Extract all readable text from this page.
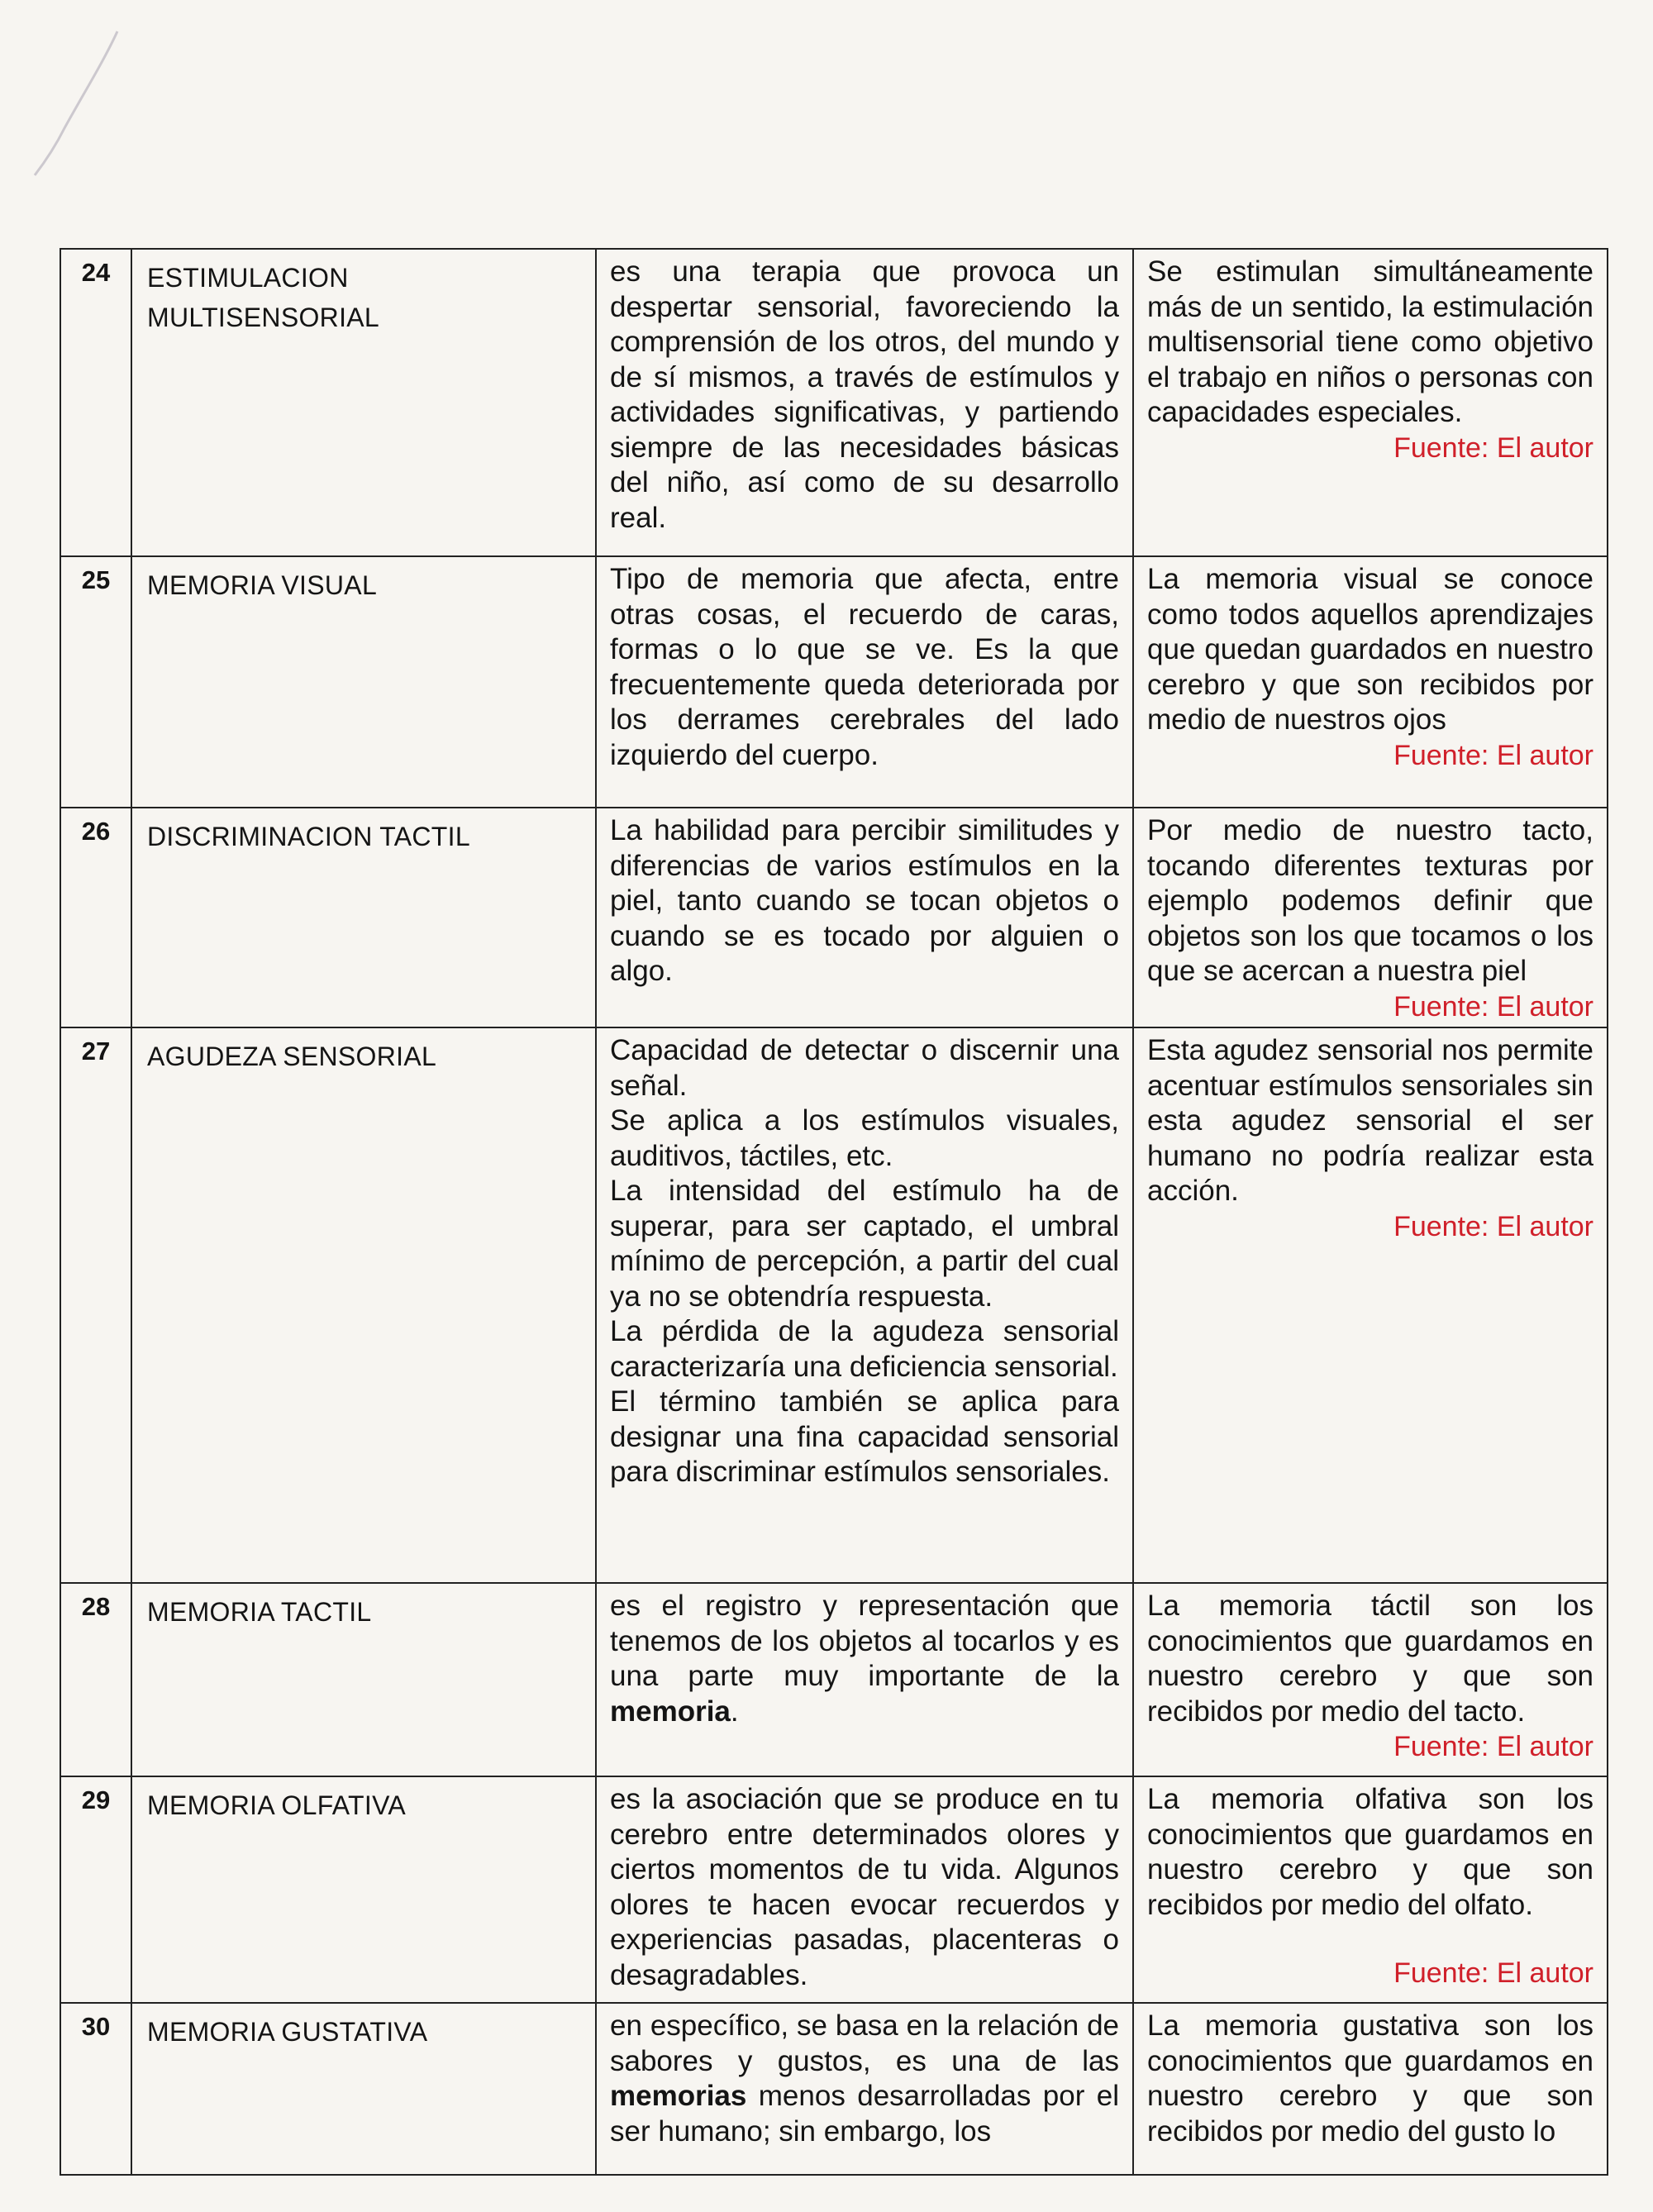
24	ESTIMULACION MULTISENSORIAL	es una terapia que provoca un despertar sensorial, favoreciendo la comprensión de los otros, del mundo y de sí mismos, a través de estímulos y actividades significativas, y partiendo siempre de las necesidades básicas del niño, así como de su desarrollo real.	Se estimulan simultáneamente más de un sentido, la estimulación multisensorial tiene como objetivo el trabajo en niños o personas con capacidades especiales.
Fuente: El autor

25	MEMORIA VISUAL	Tipo de memoria que afecta, entre otras cosas, el recuerdo de caras, formas o lo que se ve. Es la que frecuentemente queda deteriorada por los derrames cerebrales del lado izquierdo del cuerpo.	La memoria visual se conoce como todos aquellos aprendizajes que quedan guardados en nuestro cerebro y que son recibidos por medio de nuestros ojos
Fuente: El autor

26	DISCRIMINACION TACTIL	La habilidad para percibir similitudes y diferencias de varios estímulos en la piel, tanto cuando se tocan objetos o cuando se es tocado por alguien o algo.	Por medio de nuestro tacto, tocando diferentes texturas por ejemplo podemos definir que objetos son los que tocamos o los que se acercan a nuestra piel
Fuente: El autor

27	AGUDEZA SENSORIAL	Capacidad de detectar o discernir una señal.
Se aplica a los estímulos visuales, auditivos, táctiles, etc.
La intensidad del estímulo ha de superar, para ser captado, el umbral mínimo de percepción, a partir del cual ya no se obtendría respuesta.
La pérdida de la agudeza sensorial caracterizaría una deficiencia sensorial.
El término también se aplica para designar una fina capacidad sensorial para discriminar estímulos sensoriales.	Esta agudez sensorial nos permite acentuar estímulos sensoriales sin esta agudez sensorial el ser humano no podría realizar esta acción.
Fuente: El autor

28	MEMORIA TACTIL	es el registro y representación que tenemos de los objetos al tocarlos y es una parte muy importante de la memoria.	La memoria táctil son los conocimientos que guardamos en nuestro cerebro y que son recibidos por medio del tacto.
Fuente: El autor

29	MEMORIA OLFATIVA	es la asociación que se produce en tu cerebro entre determinados olores y ciertos momentos de tu vida. Algunos olores te hacen evocar recuerdos y experiencias pasadas, placenteras o desagradables.	La memoria olfativa son los conocimientos que guardamos en nuestro cerebro y que son recibidos por medio del olfato.
Fuente: El autor

30	MEMORIA GUSTATIVA	en específico, se basa en la relación de sabores y gustos, es una de las memorias menos desarrolladas por el ser humano; sin embargo, los	La memoria gustativa son los conocimientos que guardamos en nuestro cerebro y que son recibidos por medio del gusto lo
